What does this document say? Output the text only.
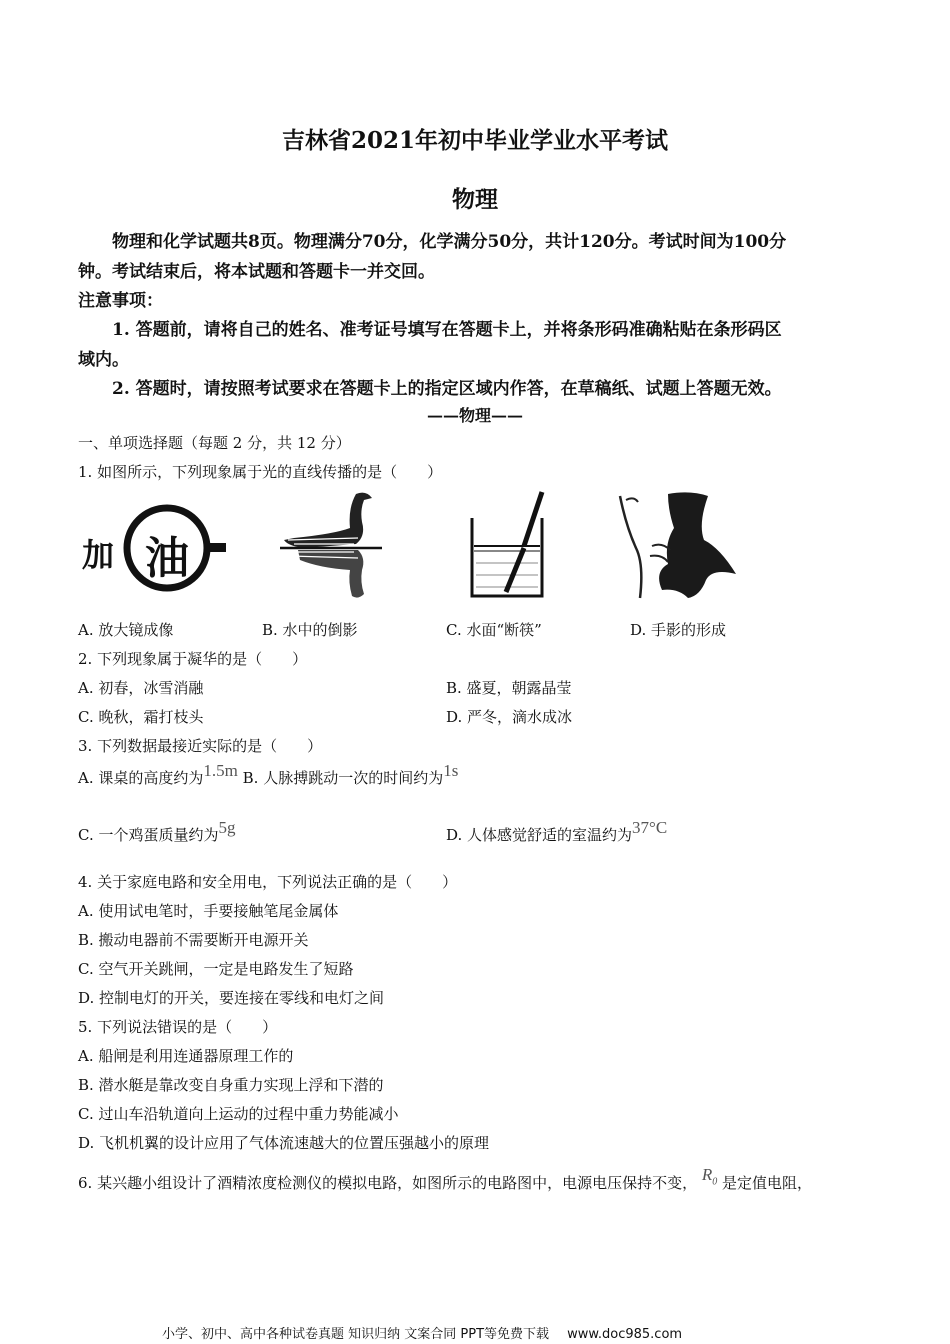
吉林省2021年初中毕业学业水平考试
物理
物理和化学试题共8页。物理满分70分，化学满分50分，共计120分。考试时间为100分
钟。考试结束后，将本试题和答题卡一并交回。
注意事项：
1. 答题前，请将自己的姓名、准考证号填写在答题卡上，并将条形码准确粘贴在条形码区
域内。
2. 答题时，请按照考试要求在答题卡上的指定区域内作答，在草稿纸、试题上答题无效。
——物理——
一、单项选择题（每题 2 分，共 12 分）
1. 如图所示，下列现象属于光的直线传播的是（　　）
加 油
A. 放大镜成像	B. 水中的倒影	C. 水面“断筷”	D. 手影的形成
2. 下列现象属于凝华的是（　　）
A. 初春，冰雪消融	B. 盛夏，朝露晶莹
C. 晚秋，霜打枝头	D. 严冬，滴水成冰
3. 下列数据最接近实际的是（　　）
A. 课桌的高度约为1.5m B. 人脉搏跳动一次的时间约为1s
C. 一个鸡蛋质量约为5g	D. 人体感觉舒适的室温约为37°C
4. 关于家庭电路和安全用电，下列说法正确的是（　　）
A. 使用试电笔时，手要接触笔尾金属体
B. 搬动电器前不需要断开电源开关
C. 空气开关跳闸，一定是电路发生了短路
D. 控制电灯的开关，要连接在零线和电灯之间
5. 下列说法错误的是（　　）
A. 船闸是利用连通器原理工作的
B. 潜水艇是靠改变自身重力实现上浮和下潜的
C. 过山车沿轨道向上运动的过程中重力势能减小
D. 飞机机翼的设计应用了气体流速越大的位置压强越小的原理
6. 某兴趣小组设计了酒精浓度检测仪的模拟电路，如图所示的电路图中，电源电压保持不变， $R_0$ 是定值电阻，
小学、初中、高中各种试卷真题 知识归纳 文案合同 PPT等免费下载 www.doc985.com
